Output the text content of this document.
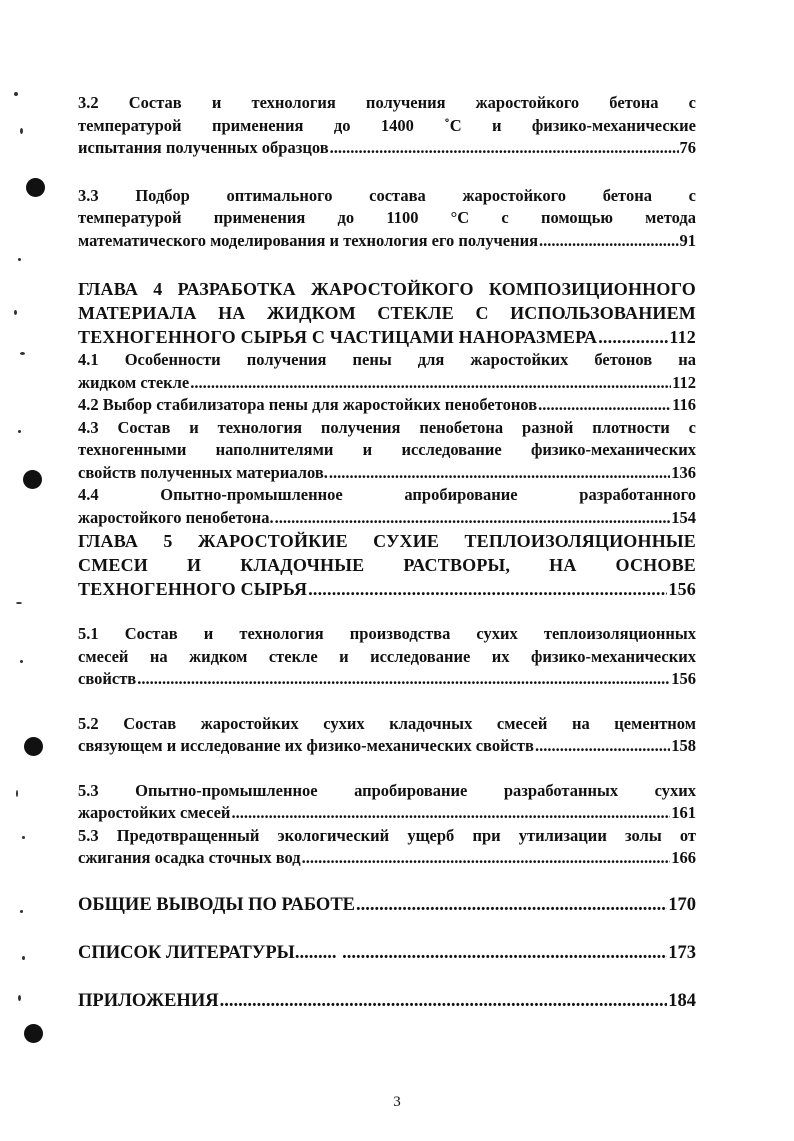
3.2 Состав и технология получения жаростойкого бетона с
температурой применения до 1400 ˚С и физико-механические
испытания полученных образцов .....	76
3.3 Подбор оптимального состава жаростойкого бетона с
температурой применения до 1100 °С с помощью метода
математического моделирования и технология его получения .....	91
ГЛАВА 4 РАЗРАБОТКА ЖАРОСТОЙКОГО КОМПОЗИЦИОННОГО
МАТЕРИАЛА НА ЖИДКОМ СТЕКЛЕ С ИСПОЛЬЗОВАНИЕМ
ТЕХНОГЕННОГО СЫРЬЯ С ЧАСТИЦАМИ НАНОРАЗМЕРА .....	112
4.1 Особенности получения пены для жаростойких бетонов на
жидком стекле .....	112
4.2 Выбор стабилизатора пены для жаростойких пенобетонов .....	116
4.3 Состав и технология получения пенобетона разной плотности с
техногенными наполнителями и исследование физико-механических
свойств полученных материалов. .....	136
4.4 Опытно-промышленное апробирование разработанного
жаростойкого пенобетона. .....	154
ГЛАВА 5 ЖАРОСТОЙКИЕ СУХИЕ ТЕПЛОИЗОЛЯЦИОННЫЕ
СМЕСИ И КЛАДОЧНЫЕ РАСТВОРЫ, НА ОСНОВЕ
ТЕХНОГЕННОГО СЫРЬЯ .....	156
5.1 Состав и технология производства сухих теплоизоляционных
смесей на жидком стекле и исследование их физико-механических
свойств .....	156
5.2 Состав жаростойких сухих кладочных смесей на цементном
связующем и исследование их физико-механических свойств .....	158
5.3 Опытно-промышленное апробирование разработанных сухих
жаростойких смесей .....	161
5.3 Предотвращенный экологический ущерб при утилизации золы от
сжигания осадка сточных вод .....	166
ОБЩИЕ ВЫВОДЫ ПО РАБОТЕ .....	170
СПИСОК ЛИТЕРАТУРЫ......... .....	173
ПРИЛОЖЕНИЯ .....	184
3
